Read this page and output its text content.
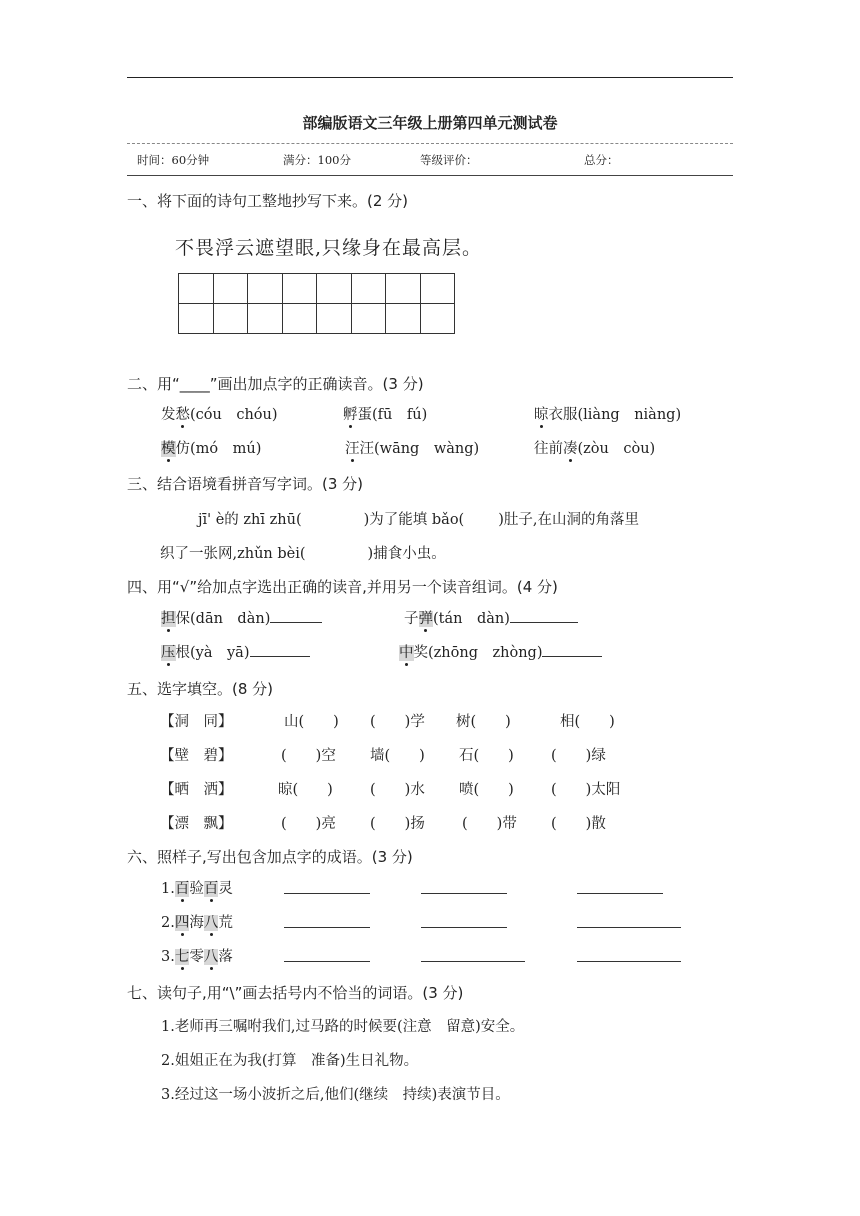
部编版语文三年级上册第四单元测试卷
时间：60分钟	满分：100分	等级评价：	总分：
一、将下面的诗句工整地抄写下来。(2 分)
不畏浮云遮望眼,只缘身在最高层。

二、用“____”画出加点字的正确读音。(3 分)
发愁(cóu　chóu)	孵蛋(fū　fú)	晾衣服(liàng　niàng)
模仿(mó　mú)	汪汪(wāng　wàng)	往前凑(zòu　còu)
三、结合语境看拼音写字词。(3 分)
jī' è的 zhī zhū(	)为了能填 bǎo( )肚子,在山洞的角落里
织了一张网,zhǔn bèi(	)捕食小虫。
四、用“√”给加点字选出正确的读音,并用另一个读音组词。(4 分)
担保(dān　dàn)	子弹(tán　dàn)
压根(yà　yā)	中奖(zhōng　zhòng)
五、选字填空。(8 分)
【洞　同】	山(　　) (　　)学 树(　　)	相(　　)
【壁　碧】	(　　)空 墙(　　) 石(　　)	(　　)绿
【晒　洒】	晾(　　)	(　　)水 喷(　　)	(　　)太阳
【漂　飘】	(　　)亮 (　　)扬	(　　)带 (　　)散
六、照样子,写出包含加点字的成语。(3 分)
1.百验百灵
2.四海八荒
3.七零八落
七、读句子,用“\”画去括号内不恰当的词语。(3 分)
1.老师再三嘱咐我们,过马路的时候要(注意　留意)安全。
2.姐姐正在为我(打算　准备)生日礼物。
3.经过这一场小波折之后,他们(继续　持续)表演节目。
